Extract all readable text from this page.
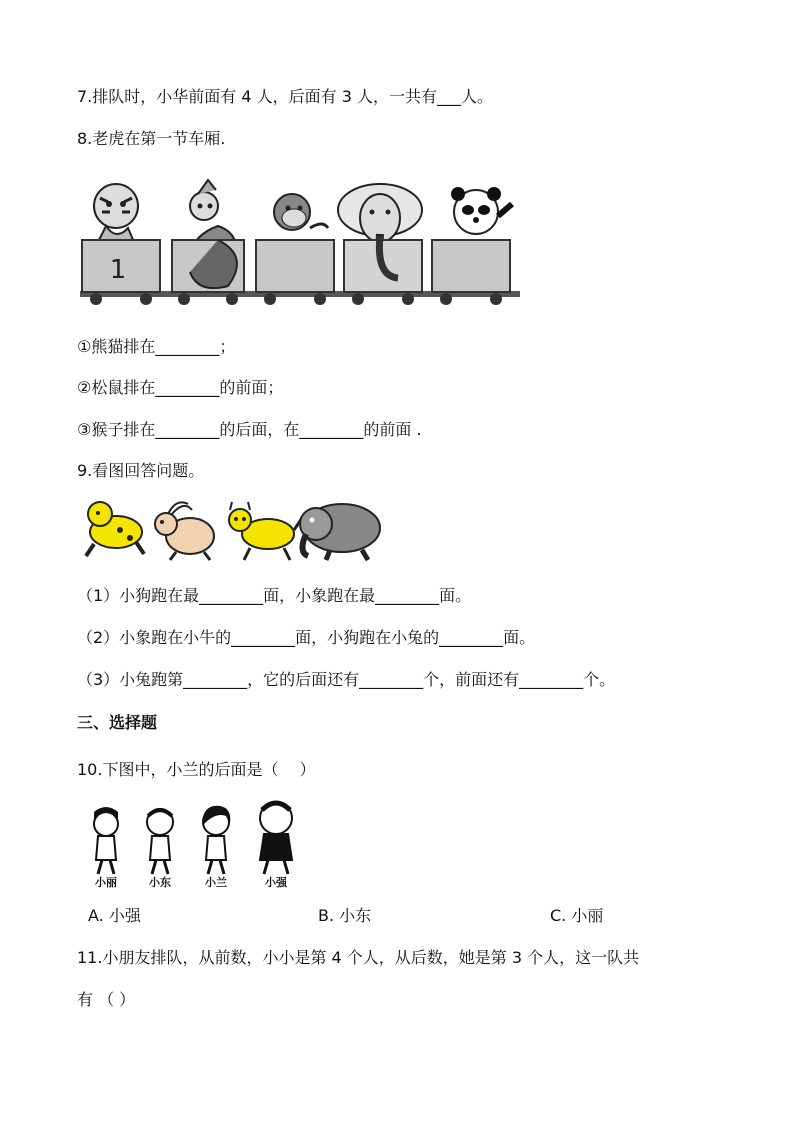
7.排队时，小华前面有 4 人，后面有 3 人，一共有___人。
8.老虎在第一节车厢.
1
①熊猫排在________；
②松鼠排在________的前面；
③猴子排在________的后面，在________的前面 .
9.看图回答问题。
（1）小狗跑在最________面，小象跑在最________面。
（2）小象跑在小牛的________面，小狗跑在小兔的________面。
（3）小兔跑第________，它的后面还有________个，前面还有________个。
三、选择题
10.下图中，小兰的后面是（　 ）
小丽	小东	小兰	小强
A. 小强	B. 小东	C. 小丽
11.小朋友排队，从前数，小小是第 4 个人，从后数，她是第 3 个人，这一队共
有 （ ）
